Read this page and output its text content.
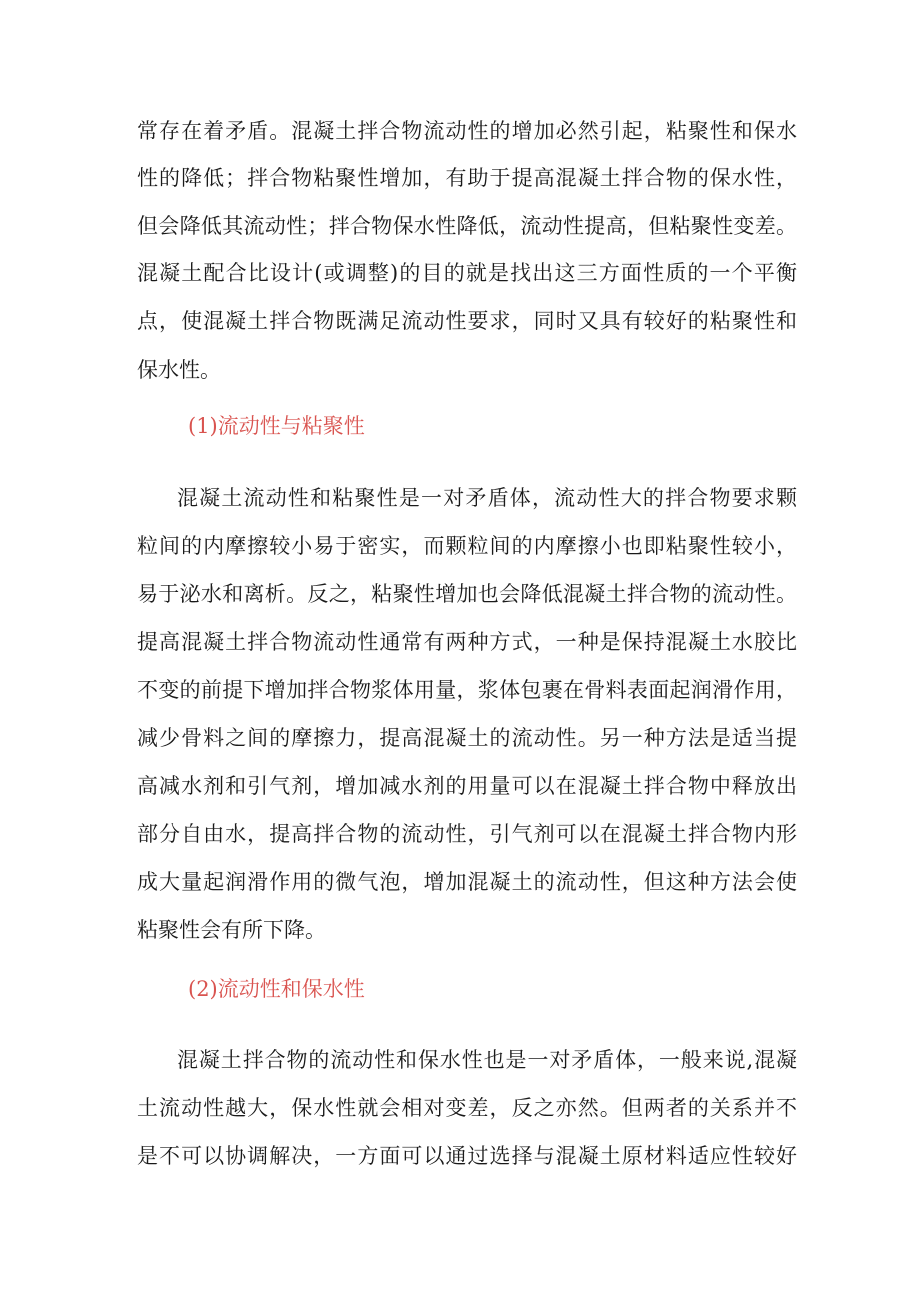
常存在着矛盾。混凝土拌合物流动性的增加必然引起，粘聚性和保水
性的降低；拌合物粘聚性增加，有助于提高混凝土拌合物的保水性，
但会降低其流动性；拌合物保水性降低，流动性提高，但粘聚性变差。
混凝土配合比设计(或调整)的目的就是找出这三方面性质的一个平衡
点，使混凝土拌合物既满足流动性要求，同时又具有较好的粘聚性和
保水性。
(1)流动性与粘聚性
混凝土流动性和粘聚性是一对矛盾体，流动性大的拌合物要求颗
粒间的内摩擦较小易于密实，而颗粒间的内摩擦小也即粘聚性较小，
易于泌水和离析。反之，粘聚性增加也会降低混凝土拌合物的流动性。
提高混凝土拌合物流动性通常有两种方式，一种是保持混凝土水胶比
不变的前提下增加拌合物浆体用量，浆体包裹在骨料表面起润滑作用，
减少骨料之间的摩擦力，提高混凝土的流动性。另一种方法是适当提
高减水剂和引气剂，增加减水剂的用量可以在混凝土拌合物中释放出
部分自由水，提高拌合物的流动性，引气剂可以在混凝土拌合物内形
成大量起润滑作用的微气泡，增加混凝土的流动性，但这种方法会使
粘聚性会有所下降。
(2)流动性和保水性
混凝土拌合物的流动性和保水性也是一对矛盾体，一般来说,混凝
土流动性越大，保水性就会相对变差，反之亦然。但两者的关系并不
是不可以协调解决，一方面可以通过选择与混凝土原材料适应性较好
